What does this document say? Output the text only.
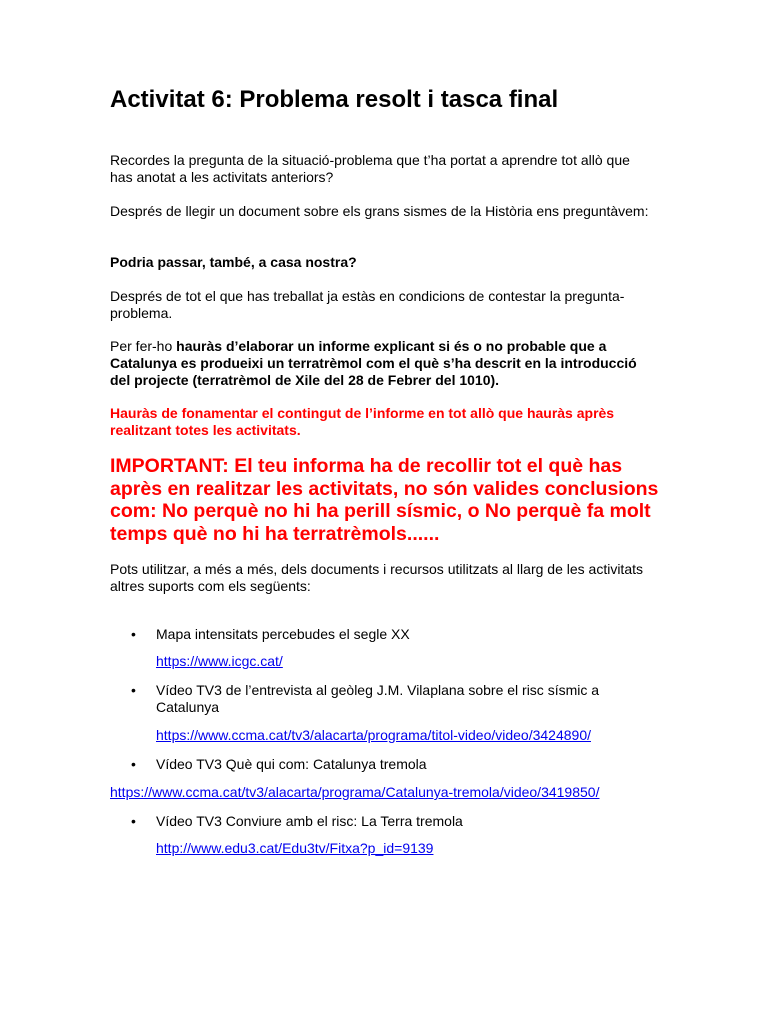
Activitat 6: Problema resolt i tasca final

Recordes la pregunta de la situació-problema que t’ha portat a aprendre tot allò que has anotat a les activitats anteriors?

Després de llegir un document sobre els grans sismes de la Història ens preguntàvem:

Podria passar, també, a casa nostra?

Després de tot el que has treballat ja estàs en condicions de contestar la pregunta-problema.

Per fer-ho hauràs d’elaborar un informe explicant si és o no probable que a Catalunya es produeixi un terratrèmol com el què s’ha descrit en la introducció del projecte (terratrèmol de Xile del 28 de Febrer del 1010).

Hauràs de fonamentar el contingut de l’informe en tot allò que hauràs après realitzant totes les activitats.

IMPORTANT: El teu informa ha de recollir tot el què has après en realitzar les activitats, no són valides conclusions com: No perquè no hi ha perill sísmic, o No perquè fa molt temps què no hi ha terratrèmols......

Pots utilitzar, a més a més, dels documents i recursos utilitzats al llarg de les activitats altres suports com els següents:

• Mapa intensitats percebudes el segle XX

https://www.icgc.cat/
• Vídeo TV3 de l’entrevista al geòleg J.M. Vilaplana sobre el risc sísmic a Catalunya

https://www.ccma.cat/tv3/alacarta/programa/titol-video/video/3424890/
• Vídeo TV3 Què qui com: Catalunya tremola

https://www.ccma.cat/tv3/alacarta/programa/Catalunya-tremola/video/3419850/
• Vídeo TV3 Conviure amb el risc: La Terra tremola

http://www.edu3.cat/Edu3tv/Fitxa?p_id=9139
